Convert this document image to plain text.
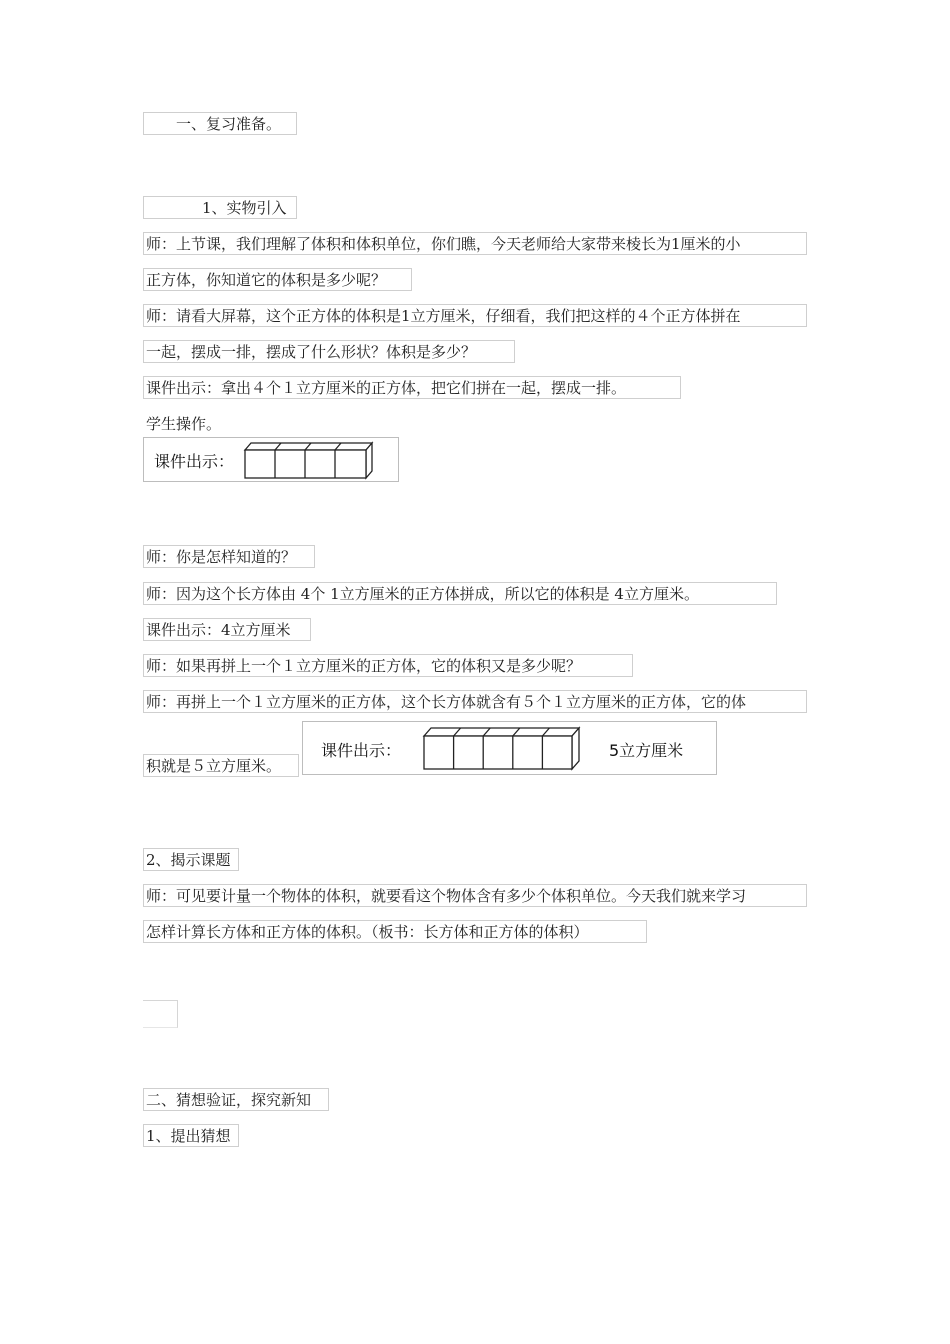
一、复习准备。
1、实物引入
师：上节课，我们理解了体积和体积单位，你们瞧，今天老师给大家带来棱长为1厘米的小
正方体，你知道它的体积是多少呢？
师：请看大屏幕，这个正方体的体积是1立方厘米，仔细看，我们把这样的４个正方体拼在
一起，摆成一排，摆成了什么形状？体积是多少？
课件出示：拿出４个１立方厘米的正方体，把它们拼在一起，摆成一排。
学生操作。
课件出示：
师：你是怎样知道的？
师：因为这个长方体由 4个 1立方厘米的正方体拼成，所以它的体积是 4立方厘米。
课件出示：4立方厘米
师：如果再拼上一个１立方厘米的正方体，它的体积又是多少呢？
师：再拼上一个１立方厘米的正方体，这个长方体就含有５个１立方厘米的正方体，它的体
积就是５立方厘米。
课件出示：	5立方厘米
2、揭示课题
师：可见要计量一个物体的体积，就要看这个物体含有多少个体积单位。今天我们就来学习
怎样计算长方体和正方体的体积。（板书：长方体和正方体的体积）
二、猜想验证，探究新知
1、提出猜想
